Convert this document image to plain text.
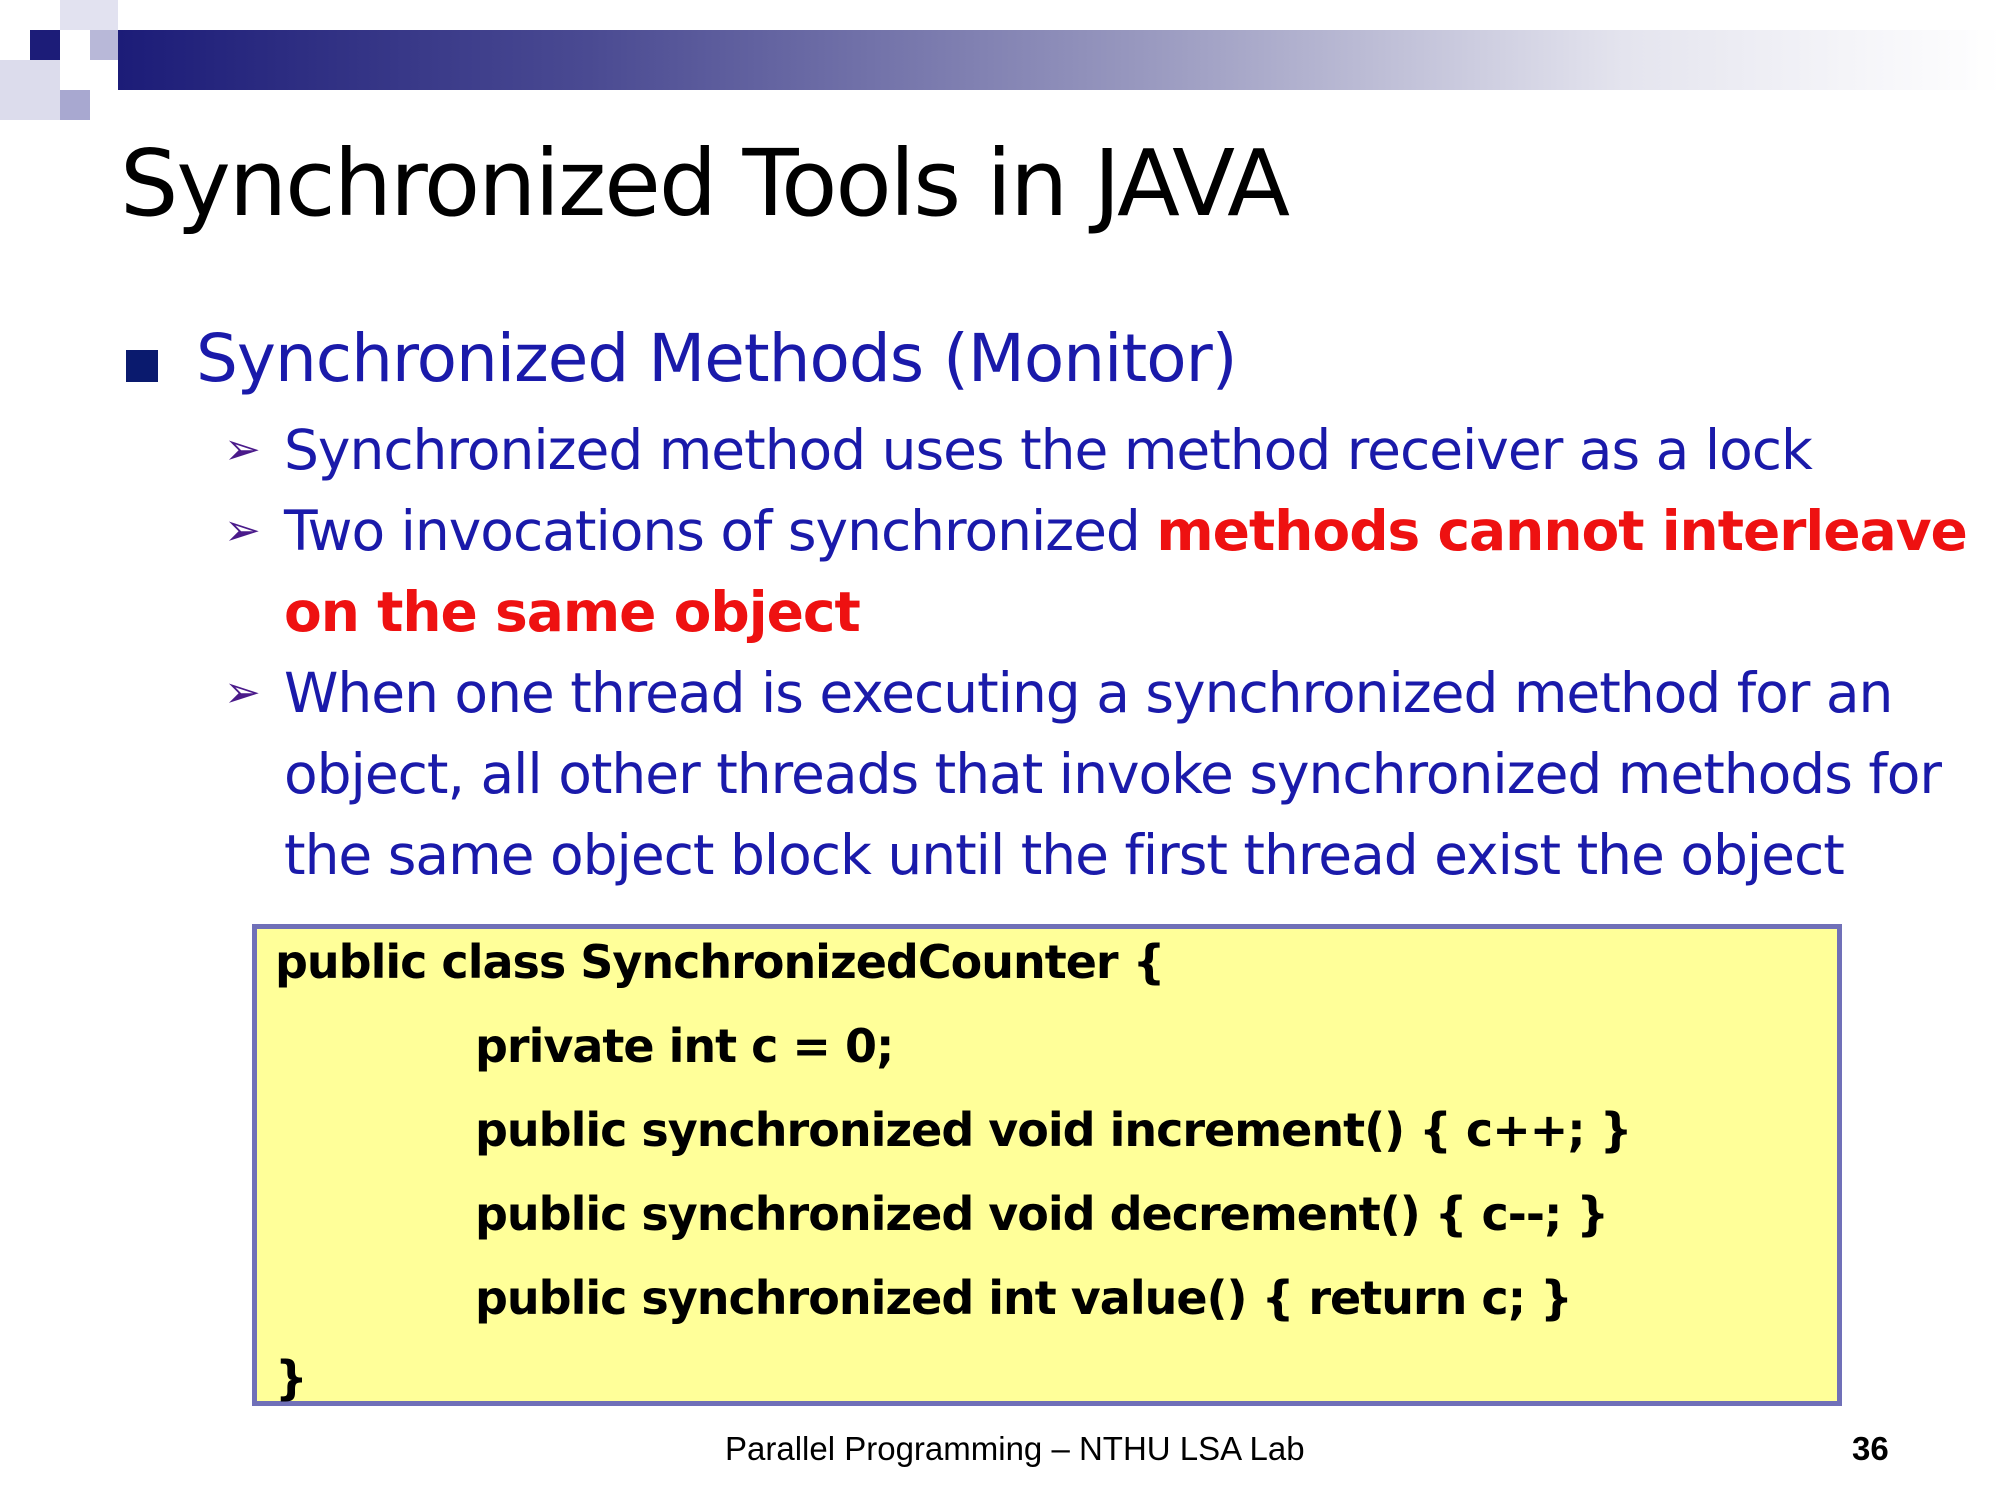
Synchronized Tools in JAVA
Synchronized Methods (Monitor)
➢ Synchronized method uses the method receiver as a lock
➢ Two invocations of synchronized methods cannot interleave
on the same object
➢ When one thread is executing a synchronized method for an
object, all other threads that invoke synchronized methods for
the same object block until the first thread exist the object
public class SynchronizedCounter {
private int c = 0;
public synchronized void increment() { c++; }
public synchronized void decrement() { c--; }
public synchronized int value() { return c; }
}
Parallel Programming – NTHU LSA Lab	36
